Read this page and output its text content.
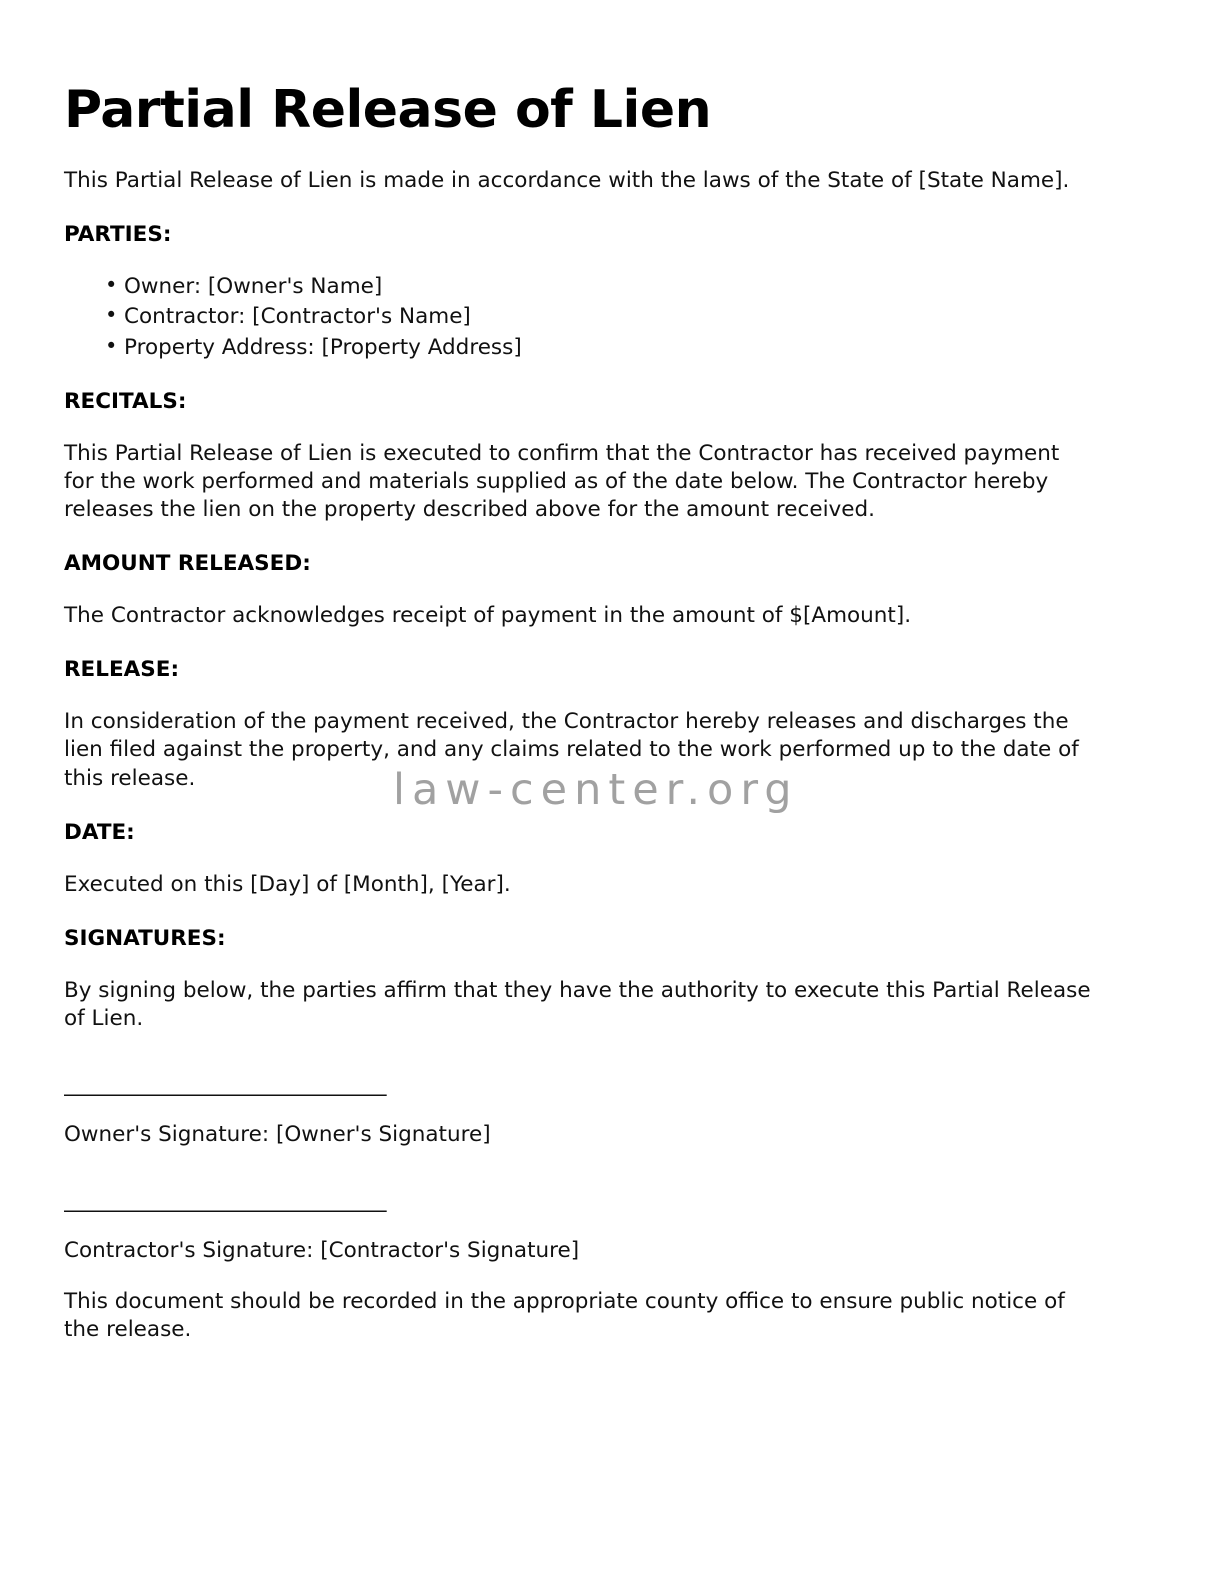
Partial Release of Lien

This Partial Release of Lien is made in accordance with the laws of the State of [State Name].

PARTIES:
• Owner: [Owner's Name]
• Contractor: [Contractor's Name]
• Property Address: [Property Address]
RECITALS:

This Partial Release of Lien is executed to confirm that the Contractor has received payment for the work performed and materials supplied as of the date below. The Contractor hereby releases the lien on the property described above for the amount received.

AMOUNT RELEASED:

The Contractor acknowledges receipt of payment in the amount of $[Amount].

RELEASE:

In consideration of the payment received, the Contractor hereby releases and discharges the lien filed against the property, and any claims related to the work performed up to the date of this release.

DATE:

Executed on this [Day] of [Month], [Year].

SIGNATURES:

By signing below, the parties affirm that they have the authority to execute this Partial Release of Lien.

______________________________

Owner's Signature: [Owner's Signature]

______________________________

Contractor's Signature: [Contractor's Signature]

This document should be recorded in the appropriate county office to ensure public notice of the release.

law-center.org
